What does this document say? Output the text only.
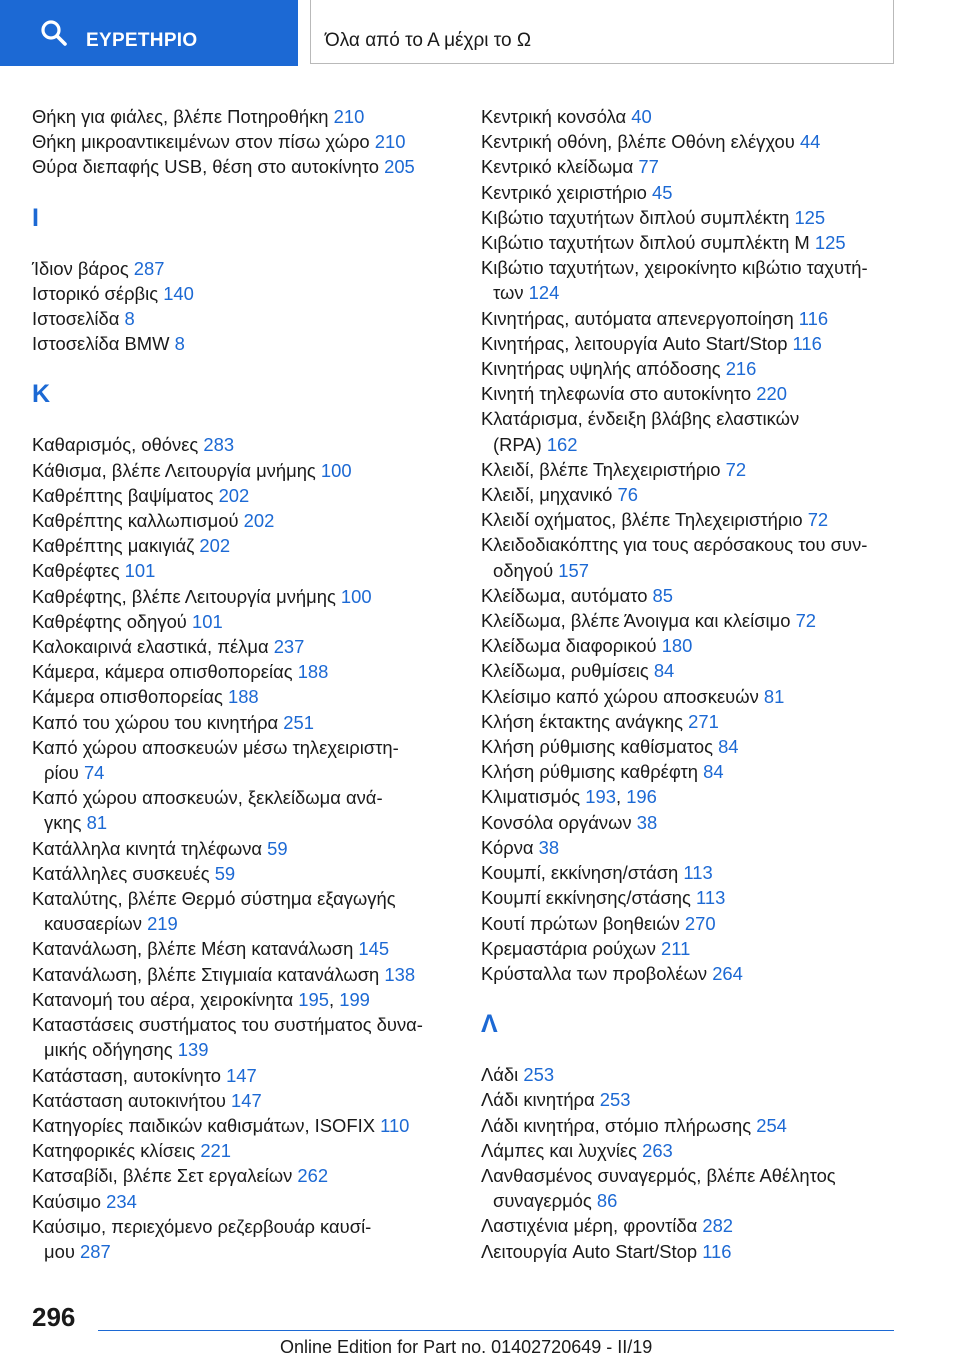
ΕΥΡΕΤΗΡΙΟ	Όλα από το Α μέχρι το Ω
Θήκη για φιάλες, βλέπε Ποτηροθήκη 210
Θήκη μικροαντικειμένων στον πίσω χώρο 210
Θύρα διεπαφής USB, θέση στο αυτοκίνητο 205
Ι
Ίδιον βάρος 287
Ιστορικό σέρβις 140
Ιστοσελίδα 8
Ιστοσελίδα BMW 8
Κ
Καθαρισμός, οθόνες 283
Κάθισμα, βλέπε Λειτουργία μνήμης 100
Καθρέπτης βαψίματος 202
Καθρέπτης καλλωπισμού 202
Καθρέπτης μακιγιάζ 202
Καθρέφτες 101
Καθρέφτης, βλέπε Λειτουργία μνήμης 100
Καθρέφτης οδηγού 101
Καλοκαιρινά ελαστικά, πέλμα 237
Κάμερα, κάμερα οπισθοπορείας 188
Κάμερα οπισθοπορείας 188
Καπό του χώρου του κινητήρα 251
Καπό χώρου αποσκευών μέσω τηλεχειριστη-
ρίου 74
Καπό χώρου αποσκευών, ξεκλείδωμα ανά-
γκης 81
Κατάλληλα κινητά τηλέφωνα 59
Κατάλληλες συσκευές 59
Καταλύτης, βλέπε Θερμό σύστημα εξαγωγής
καυσαερίων 219
Κατανάλωση, βλέπε Μέση κατανάλωση 145
Κατανάλωση, βλέπε Στιγμιαία κατανάλωση 138
Κατανομή του αέρα, χειροκίνητα 195, 199
Καταστάσεις συστήματος του συστήματος δυνα-
μικής οδήγησης 139
Κατάσταση, αυτοκίνητο 147
Κατάσταση αυτοκινήτου 147
Κατηγορίες παιδικών καθισμάτων, ISOFIX 110
Κατηφορικές κλίσεις 221
Κατσαβίδι, βλέπε Σετ εργαλείων 262
Καύσιμο 234
Καύσιμο, περιεχόμενο ρεζερβουάρ καυσί-
μου 287
Κεντρική κονσόλα 40
Κεντρική οθόνη, βλέπε Οθόνη ελέγχου 44
Κεντρικό κλείδωμα 77
Κεντρικό χειριστήριο 45
Κιβώτιο ταχυτήτων διπλού συμπλέκτη 125
Κιβώτιο ταχυτήτων διπλού συμπλέκτη M 125
Κιβώτιο ταχυτήτων, χειροκίνητο κιβώτιο ταχυτή-
των 124
Κινητήρας, αυτόματα απενεργοποίηση 116
Κινητήρας, λειτουργία Auto Start/Stop 116
Κινητήρας υψηλής απόδοσης 216
Κινητή τηλεφωνία στο αυτοκίνητο 220
Κλατάρισμα, ένδειξη βλάβης ελαστικών
(RPA) 162
Κλειδί, βλέπε Τηλεχειριστήριο 72
Κλειδί, μηχανικό 76
Κλειδί οχήματος, βλέπε Τηλεχειριστήριο 72
Κλειδοδιακόπτης για τους αερόσακους του συν-
οδηγού 157
Κλείδωμα, αυτόματο 85
Κλείδωμα, βλέπε Άνοιγμα και κλείσιμο 72
Κλείδωμα διαφορικού 180
Κλείδωμα, ρυθμίσεις 84
Κλείσιμο καπό χώρου αποσκευών 81
Κλήση έκτακτης ανάγκης 271
Κλήση ρύθμισης καθίσματος 84
Κλήση ρύθμισης καθρέφτη 84
Κλιματισμός 193, 196
Κονσόλα οργάνων 38
Κόρνα 38
Κουμπί, εκκίνηση/στάση 113
Κουμπί εκκίνησης/στάσης 113
Κουτί πρώτων βοηθειών 270
Κρεμαστάρια ρούχων 211
Κρύσταλλα των προβολέων 264
Λ
Λάδι 253
Λάδι κινητήρα 253
Λάδι κινητήρα, στόμιο πλήρωσης 254
Λάμπες και λυχνίες 263
Λανθασμένος συναγερμός, βλέπε Αθέλητος
συναγερμός 86
Λαστιχένια μέρη, φροντίδα 282
Λειτουργία Auto Start/Stop 116
296
Online Edition for Part no. 01402720649 - II/19
